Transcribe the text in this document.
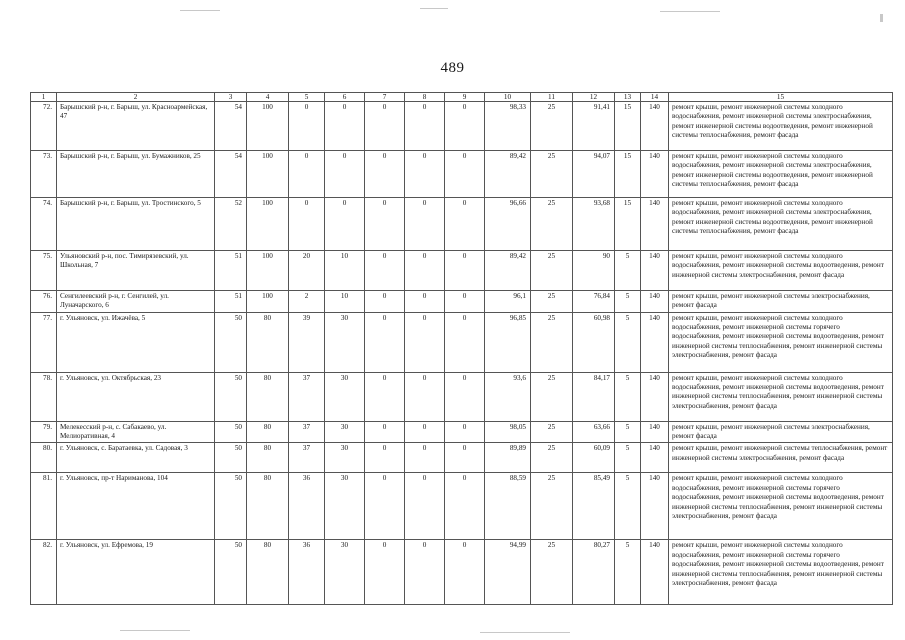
489
1	2	3	4	5	6	7	8	9	10	11	12	13	14	15
72.	Барышский р-н, г. Барыш, ул. Красноармейская, 47	54	100	0	0	0	0	0	98,33	25	91,41	15	140	ремонт крыши, ремонт инженерной системы холодного водоснабжения, ремонт инженерной системы электроснабжения, ремонт инженерной системы водоотведения, ремонт инженерной системы теплоснабжения, ремонт фасада
73.	Барышский р-н, г. Барыш, ул. Бумажников, 25	54	100	0	0	0	0	0	89,42	25	94,07	15	140	ремонт крыши, ремонт инженерной системы холодного водоснабжения, ремонт инженерной системы электроснабжения, ремонт инженерной системы водоотведения, ремонт инженерной системы теплоснабжения, ремонт фасада
74.	Барышский р-н, г. Барыш, ул. Тростинского, 5	52	100	0	0	0	0	0	96,66	25	93,68	15	140	ремонт крыши, ремонт инженерной системы холодного водоснабжения, ремонт инженерной системы электроснабжения, ремонт инженерной системы водоотведения, ремонт инженерной системы теплоснабжения, ремонт фасада
75.	Ульяновский р-н, пос. Тимирязевский, ул. Школьная, 7	51	100	20	10	0	0	0	89,42	25	90	5	140	ремонт крыши, ремонт инженерной системы холодного водоснабжения, ремонт инженерной системы водоотведения, ремонт инженерной системы электроснабжения, ремонт фасада
76.	Сенгилеевский р-н, г. Сенгилей, ул. Луначарского, 6	51	100	2	10	0	0	0	96,1	25	76,84	5	140	ремонт крыши, ремонт инженерной системы электроснабжения, ремонт фасада
77.	г. Ульяновск, ул. Ижачёва, 5	50	80	39	30	0	0	0	96,85	25	60,98	5	140	ремонт крыши, ремонт инженерной системы холодного водоснабжения, ремонт инженерной системы горячего водоснабжения, ремонт инженерной системы водоотведения, ремонт инженерной системы теплоснабжения, ремонт инженерной системы электроснабжения, ремонт фасада
78.	г. Ульяновск, ул. Октябрьская, 23	50	80	37	30	0	0	0	93,6	25	84,17	5	140	ремонт крыши, ремонт инженерной системы холодного водоснабжения, ремонт инженерной системы водоотведения, ремонт инженерной системы теплоснабжения, ремонт инженерной системы электроснабжения, ремонт фасада
79.	Мелекесский р-н, с. Сабакаево, ул. Мелиоративная, 4	50	80	37	30	0	0	0	98,05	25	63,66	5	140	ремонт крыши, ремонт инженерной системы электроснабжения, ремонт фасада
80.	г. Ульяновск, с. Баратаевка, ул. Садовая, 3	50	80	37	30	0	0	0	89,89	25	60,09	5	140	ремонт крыши, ремонт инженерной системы теплоснабжения, ремонт инженерной системы электроснабжения, ремонт фасада
81.	г. Ульяновск, пр-т Нариманова, 104	50	80	36	30	0	0	0	88,59	25	85,49	5	140	ремонт крыши, ремонт инженерной системы холодного водоснабжения, ремонт инженерной системы горячего водоснабжения, ремонт инженерной системы водоотведения, ремонт инженерной системы теплоснабжения, ремонт инженерной системы электроснабжения, ремонт фасада
82.	г. Ульяновск, ул. Ефремова, 19	50	80	36	30	0	0	0	94,99	25	80,27	5	140	ремонт крыши, ремонт инженерной системы холодного водоснабжения, ремонт инженерной системы горячего водоснабжения, ремонт инженерной системы водоотведения, ремонт инженерной системы теплоснабжения, ремонт инженерной системы электроснабжения, ремонт фасада
